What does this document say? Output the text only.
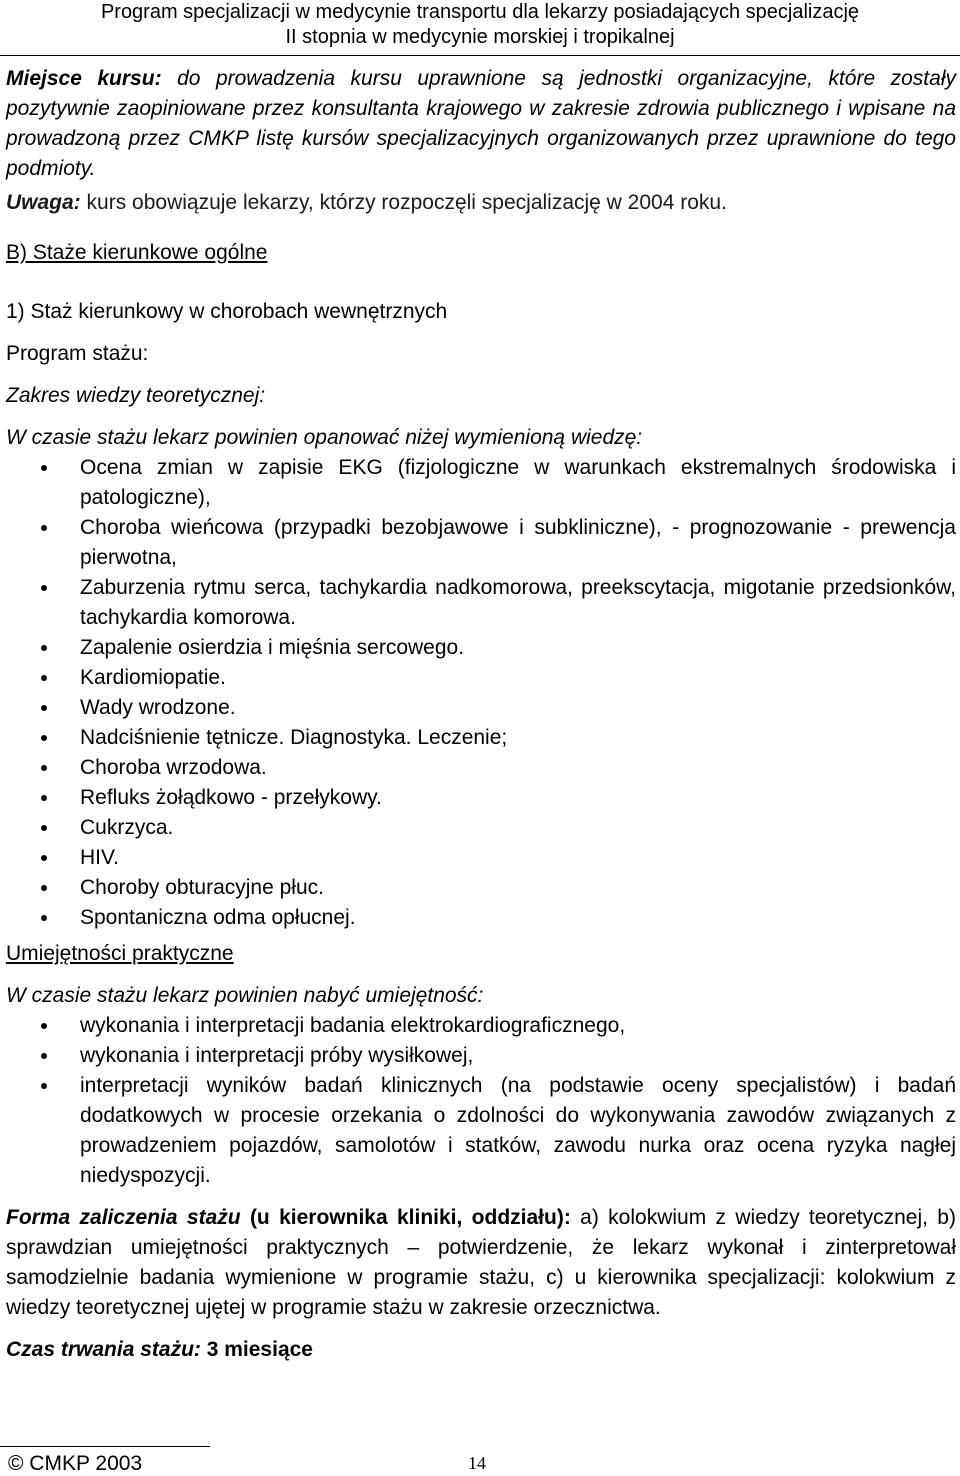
Program specjalizacji w medycynie transportu dla lekarzy posiadających specjalizację
II stopnia w medycynie morskiej i tropikalnej

Miejsce kursu: do prowadzenia kursu uprawnione są jednostki organizacyjne, które zostały pozytywnie zaopiniowane przez konsultanta krajowego w zakresie zdrowia publicznego i wpisane na prowadzoną przez CMKP listę kursów specjalizacyjnych organizowanych przez uprawnione do tego podmioty.

Uwaga: kurs obowiązuje lekarzy, którzy rozpoczęli specjalizację w 2004 roku.

B) Staże kierunkowe ogólne
1) Staż kierunkowy w chorobach wewnętrznych
Program stażu:
Zakres wiedzy teoretycznej:
W czasie stażu lekarz powinien opanować niżej wymienioną wiedzę:
Ocena zmian w zapisie EKG (fizjologiczne w warunkach ekstremalnych środowiska i patologiczne),
Choroba wieńcowa (przypadki bezobjawowe i subkliniczne), - prognozowanie - prewencja pierwotna,
Zaburzenia rytmu serca, tachykardia nadkomorowa, preekscytacja, migotanie przedsionków, tachykardia komorowa.
Zapalenie osierdzia i mięśnia sercowego.
Kardiomiopatie.
Wady wrodzone.
Nadciśnienie tętnicze. Diagnostyka. Leczenie;
Choroba wrzodowa.
Refluks żołądkowo - przełykowy.
Cukrzyca.
HIV.
Choroby obturacyjne płuc.
Spontaniczna odma opłucnej.
Umiejętności praktyczne
W czasie stażu lekarz powinien nabyć umiejętność:
wykonania i interpretacji badania elektrokardiograficznego,
wykonania i interpretacji próby wysiłkowej,
interpretacji wyników badań klinicznych (na podstawie oceny specjalistów) i badań dodatkowych w procesie orzekania o zdolności do wykonywania zawodów związanych z prowadzeniem pojazdów, samolotów i statków, zawodu nurka oraz ocena ryzyka nagłej niedyspozycji.

Forma zaliczenia stażu (u kierownika kliniki, oddziału): a) kolokwium z wiedzy teoretycznej, b) sprawdzian umiejętności praktycznych – potwierdzenie, że lekarz wykonał i zinterpretował samodzielnie badania wymienione w programie stażu, c) u kierownika specjalizacji: kolokwium z wiedzy teoretycznej ujętej w programie stażu w zakresie orzecznictwa.

Czas trwania stażu: 3 miesiące
© CMKP 2003	14
